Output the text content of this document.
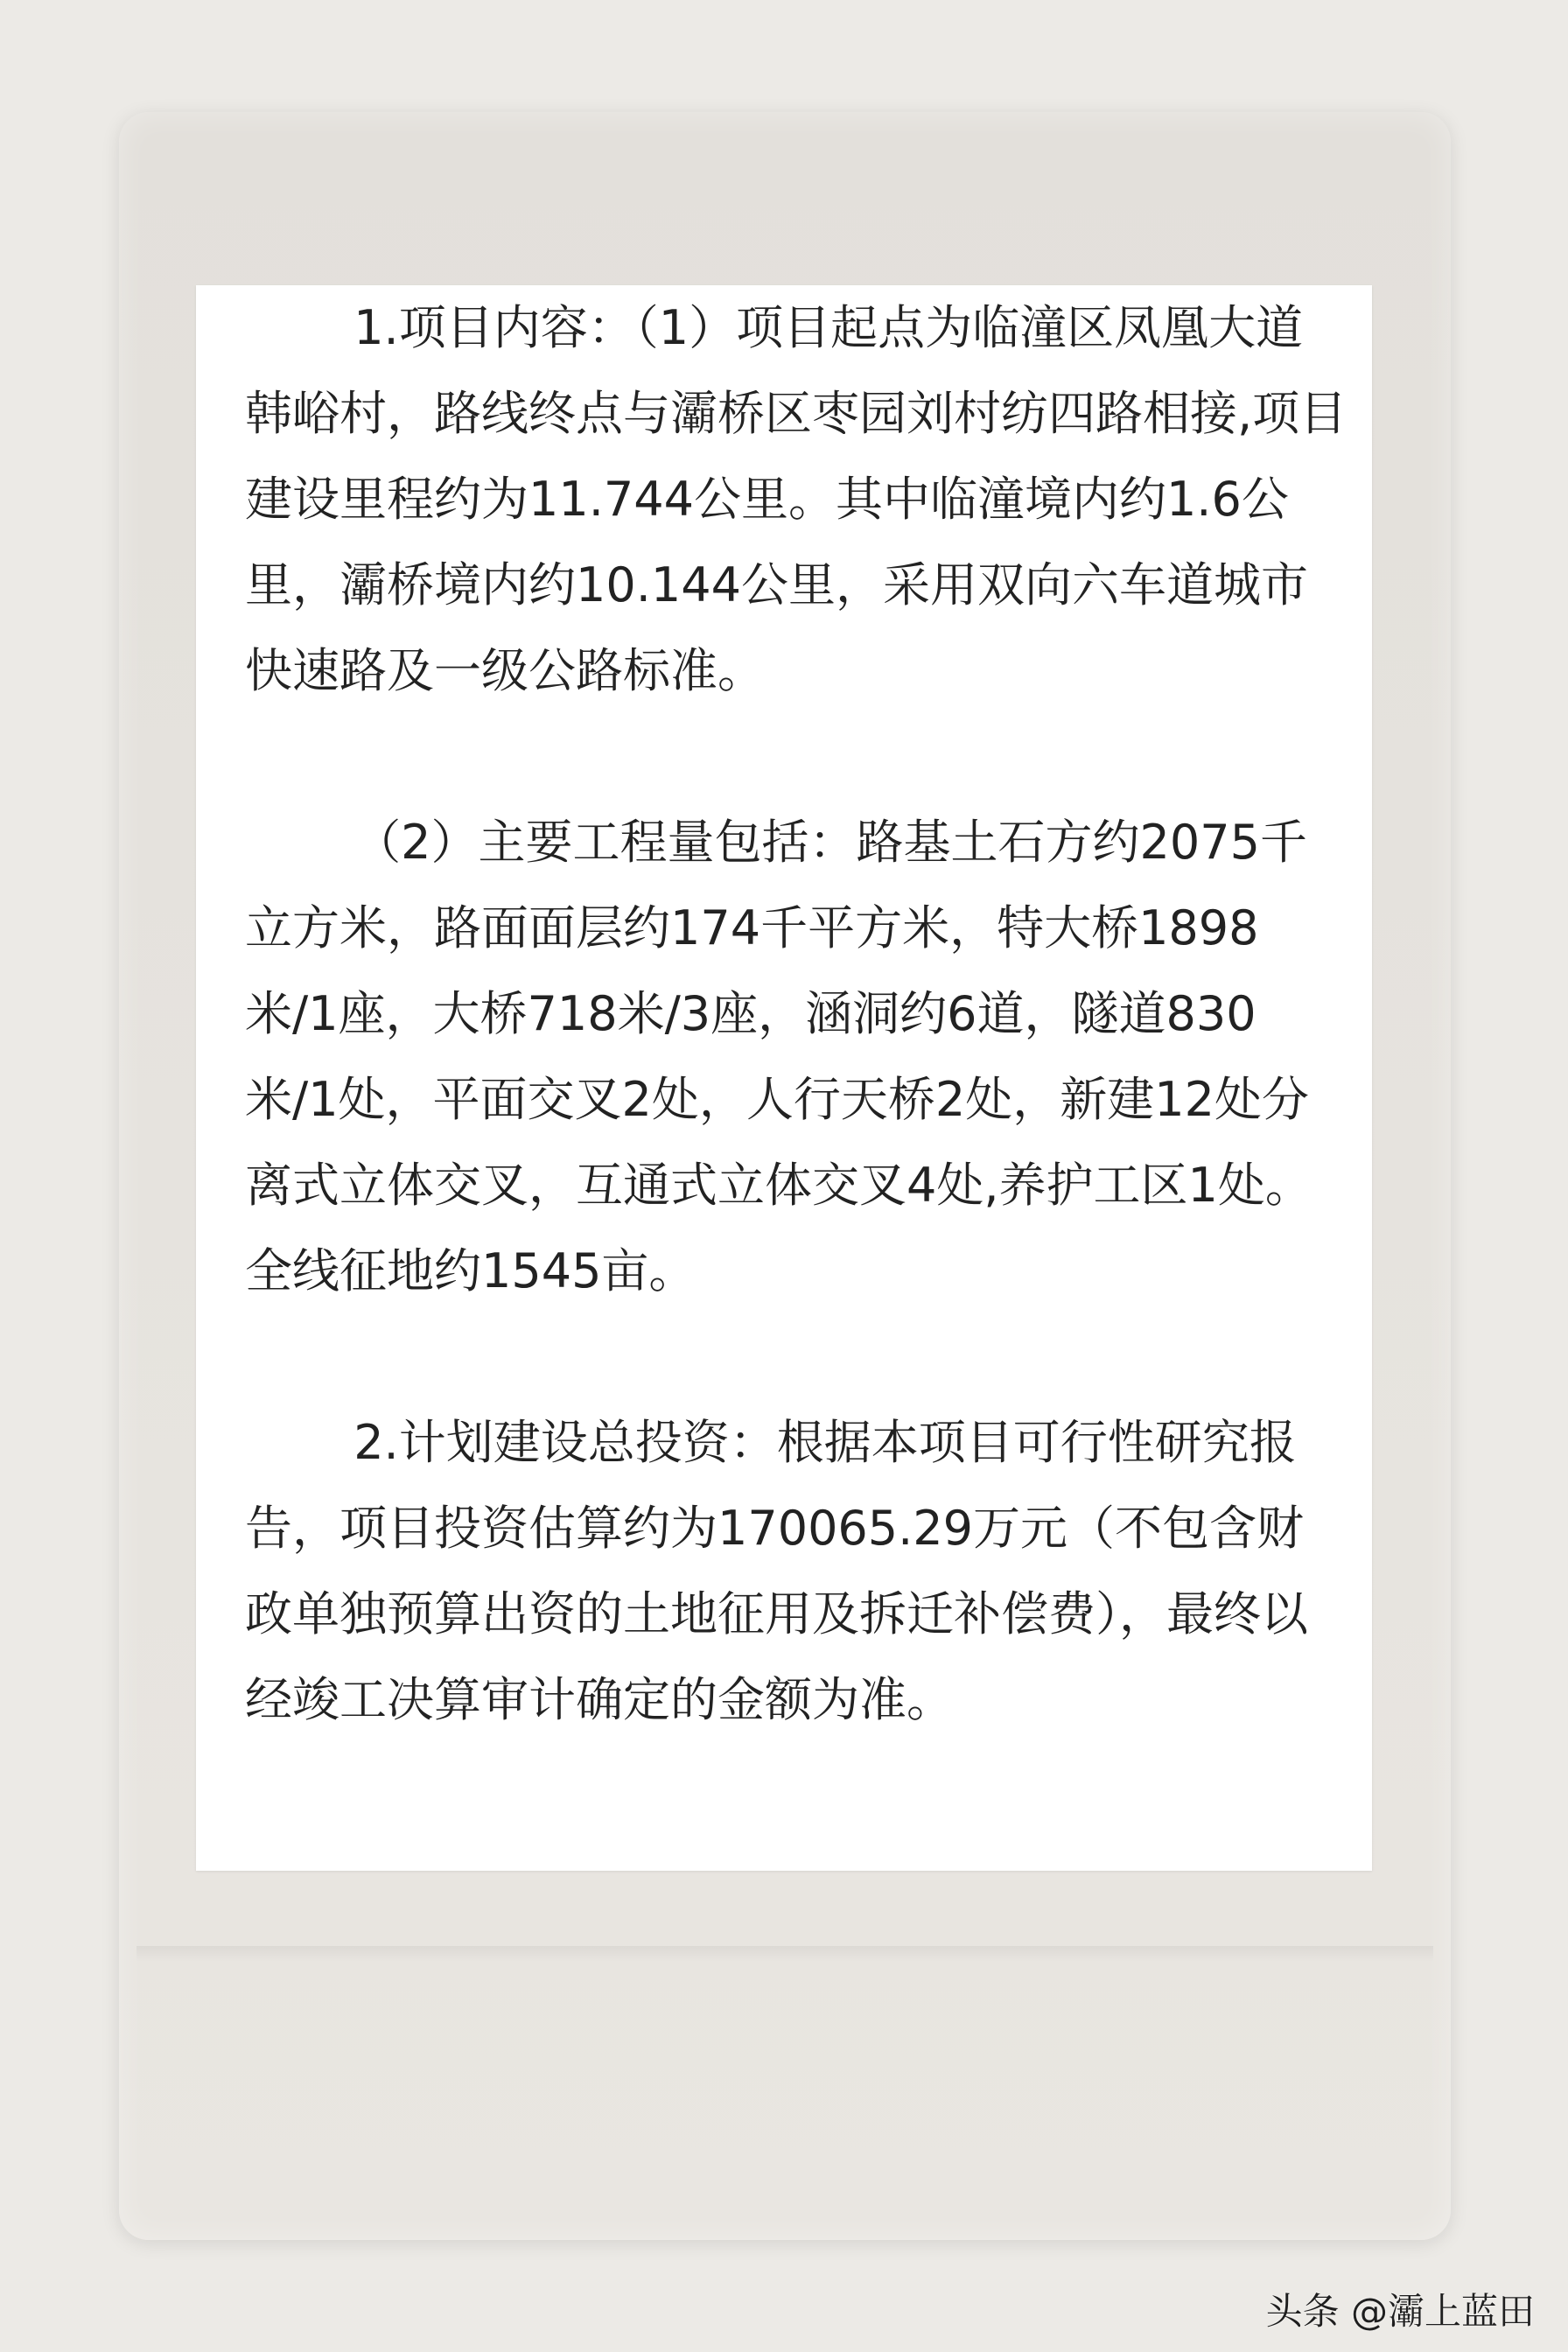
1.项目内容：（1）项目起点为临潼区凤凰大道韩峪村，路线终点与灞桥区枣园刘村纺四路相接,项目建设里程约为11.744公里。其中临潼境内约1.6公里，灞桥境内约10.144公里，采用双向六车道城市快速路及一级公路标准。

（2）主要工程量包括：路基土石方约2075千立方米，路面面层约174千平方米，特大桥1898米/1座，大桥718米/3座，涵洞约6道，隧道830米/1处，平面交叉2处，人行天桥2处，新建12处分离式立体交叉，互通式立体交叉4处,养护工区1处。全线征地约1545亩。

2.计划建设总投资：根据本项目可行性研究报告，项目投资估算约为170065.29万元（不包含财政单独预算出资的土地征用及拆迁补偿费），最终以经竣工决算审计确定的金额为准。

头条 @灞上蓝田
